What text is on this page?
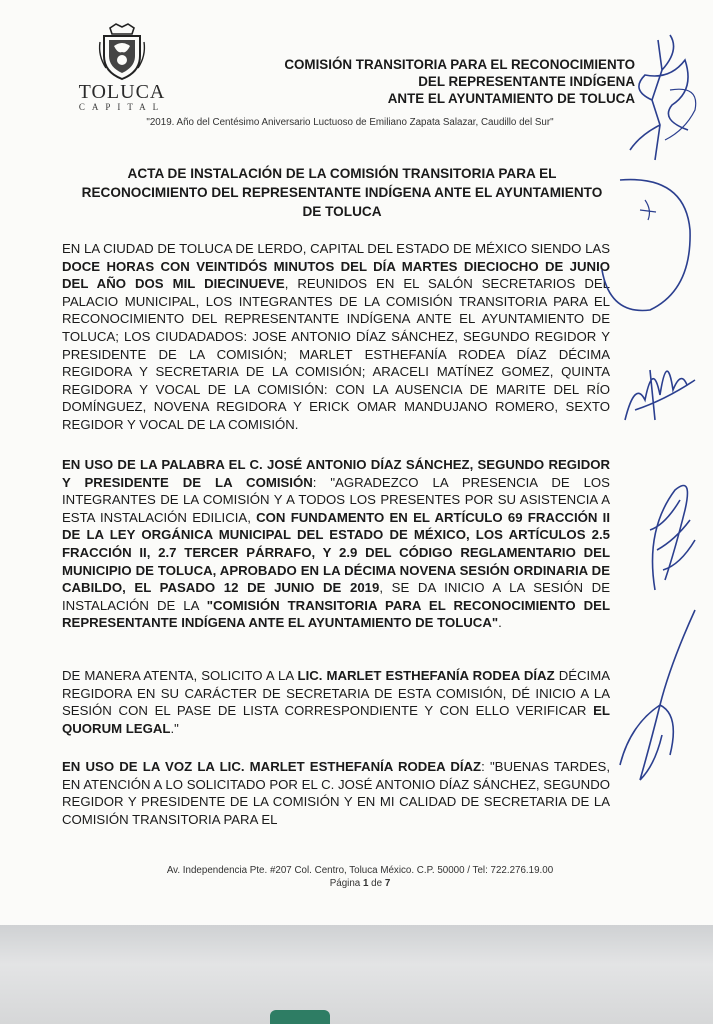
TOLUCA
CAPITAL
COMISIÓN TRANSITORIA PARA EL RECONOCIMIENTO
DEL REPRESENTANTE INDÍGENA
ANTE EL AYUNTAMIENTO DE TOLUCA
"2019. Año del Centésimo Aniversario Luctuoso de Emiliano Zapata Salazar, Caudillo del Sur"
ACTA DE INSTALACIÓN DE LA COMISIÓN TRANSITORIA PARA EL
RECONOCIMIENTO DEL REPRESENTANTE INDÍGENA ANTE EL AYUNTAMIENTO
DE TOLUCA
EN LA CIUDAD DE TOLUCA DE LERDO, CAPITAL DEL ESTADO DE MÉXICO SIENDO LAS DOCE HORAS CON VEINTIDÓS MINUTOS DEL DÍA MARTES DIECIOCHO DE JUNIO DEL AÑO DOS MIL DIECINUEVE, REUNIDOS EN EL SALÓN SECRETARIOS DEL PALACIO MUNICIPAL, LOS INTEGRANTES DE LA COMISIÓN TRANSITORIA PARA EL RECONOCIMIENTO DEL REPRESENTANTE INDÍGENA ANTE EL AYUNTAMIENTO DE TOLUCA; LOS CIUDADADOS: JOSE ANTONIO DÍAZ SÁNCHEZ, SEGUNDO REGIDOR Y PRESIDENTE DE LA COMISIÓN; MARLET ESTHEFANÍA RODEA DÍAZ DÉCIMA REGIDORA Y SECRETARIA DE LA COMISIÓN; ARACELI MATÍNEZ GOMEZ, QUINTA REGIDORA Y VOCAL DE LA COMISIÓN: CON LA AUSENCIA DE MARITE DEL RÍO DOMÍNGUEZ, NOVENA REGIDORA Y ERICK OMAR MANDUJANO ROMERO, SEXTO REGIDOR Y VOCAL DE LA COMISIÓN.
EN USO DE LA PALABRA EL C. JOSÉ ANTONIO DÍAZ SÁNCHEZ, SEGUNDO REGIDOR Y PRESIDENTE DE LA COMISIÓN: "AGRADEZCO LA PRESENCIA DE LOS INTEGRANTES DE LA COMISIÓN Y A TODOS LOS PRESENTES POR SU ASISTENCIA A ESTA INSTALACIÓN EDILICIA, CON FUNDAMENTO EN EL ARTÍCULO 69 FRACCIÓN II DE LA LEY ORGÁNICA MUNICIPAL DEL ESTADO DE MÉXICO, LOS ARTÍCULOS 2.5 FRACCIÓN II, 2.7 TERCER PÁRRAFO, Y 2.9 DEL CÓDIGO REGLAMENTARIO DEL MUNICIPIO DE TOLUCA, APROBADO EN LA DÉCIMA NOVENA SESIÓN ORDINARIA DE CABILDO, EL PASADO 12 DE JUNIO DE 2019, SE DA INICIO A LA SESIÓN DE INSTALACIÓN DE LA "COMISIÓN TRANSITORIA PARA EL RECONOCIMIENTO DEL REPRESENTANTE INDÍGENA ANTE EL AYUNTAMIENTO DE TOLUCA".
DE MANERA ATENTA, SOLICITO A LA LIC. MARLET ESTHEFANÍA RODEA DÍAZ DÉCIMA REGIDORA EN SU CARÁCTER DE SECRETARIA DE ESTA COMISIÓN, DÉ INICIO A LA SESIÓN CON EL PASE DE LISTA CORRESPONDIENTE Y CON ELLO VERIFICAR EL QUORUM LEGAL."
EN USO DE LA VOZ LA LIC. MARLET ESTHEFANÍA RODEA DÍAZ: "BUENAS TARDES, EN ATENCIÓN A LO SOLICITADO POR EL C. JOSÉ ANTONIO DÍAZ SÁNCHEZ, SEGUNDO REGIDOR Y PRESIDENTE DE LA COMISIÓN Y EN MI CALIDAD DE SECRETARIA DE LA COMISIÓN TRANSITORIA PARA EL
Av. Independencia Pte. #207 Col. Centro, Toluca México. C.P. 50000 / Tel: 722.276.19.00
Página 1 de 7
